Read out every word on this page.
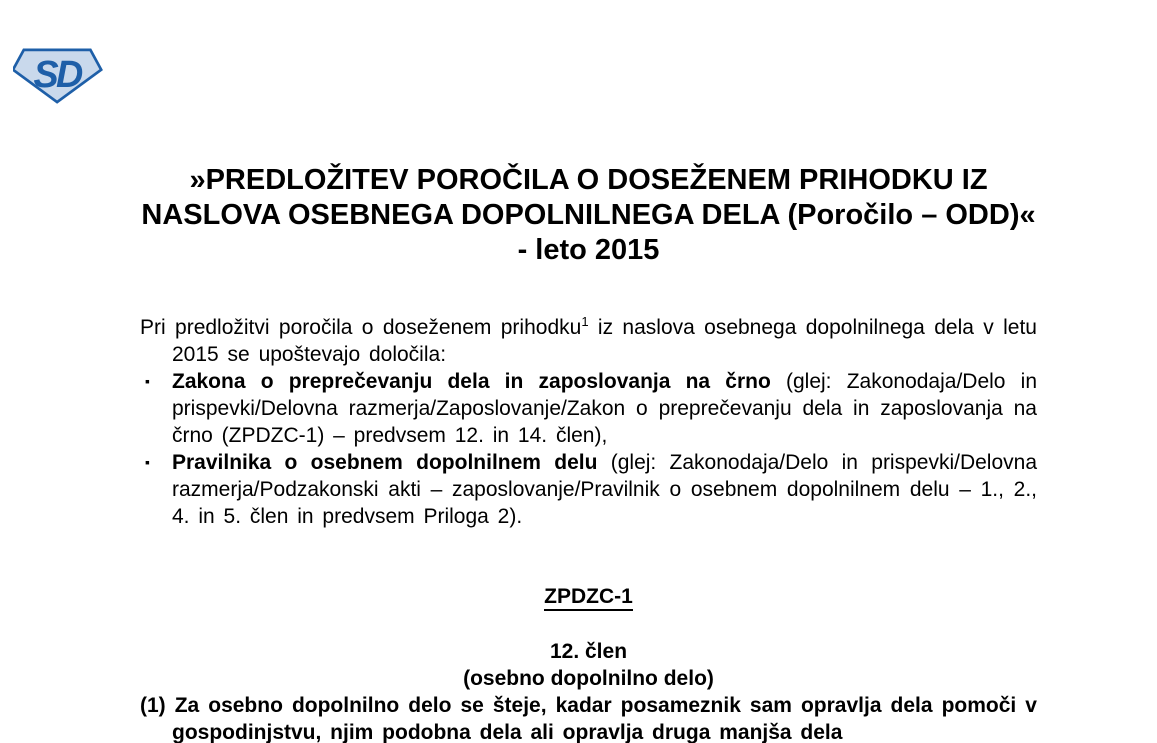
SD
»PREDLOŽITEV POROČILA O DOSEŽENEM PRIHODKU IZ
NASLOVA OSEBNEGA DOPOLNILNEGA DELA (Poročilo – ODD)«
- leto 2015

Pri predložitvi poročila o doseženem prihodku$^1$ iz naslova osebnega dopolnilnega dela v letu 2015 se upoštevajo določila:

▪ Zakona o preprečevanju dela in zaposlovanja na črno (glej: Zakonodaja/Delo in prispevki/Delovna razmerja/Zaposlovanje/Zakon o preprečevanju dela in zaposlovanja na črno (ZPDZC-1) – predvsem 12. in 14. člen),
▪ Pravilnika o osebnem dopolnilnem delu (glej: Zakonodaja/Delo in prispevki/Delovna razmerja/Podzakonski akti – zaposlovanje/Pravilnik o osebnem dopolnilnem delu – 1., 2., 4. in 5. člen in predvsem Priloga 2).
ZPDZC-1
12. člen
(osebno dopolnilno delo)

(1) Za osebno dopolnilno delo se šteje, kadar posameznik sam opravlja dela pomoči v gospodinjstvu, njim podobna dela ali opravlja druga manjša dela
